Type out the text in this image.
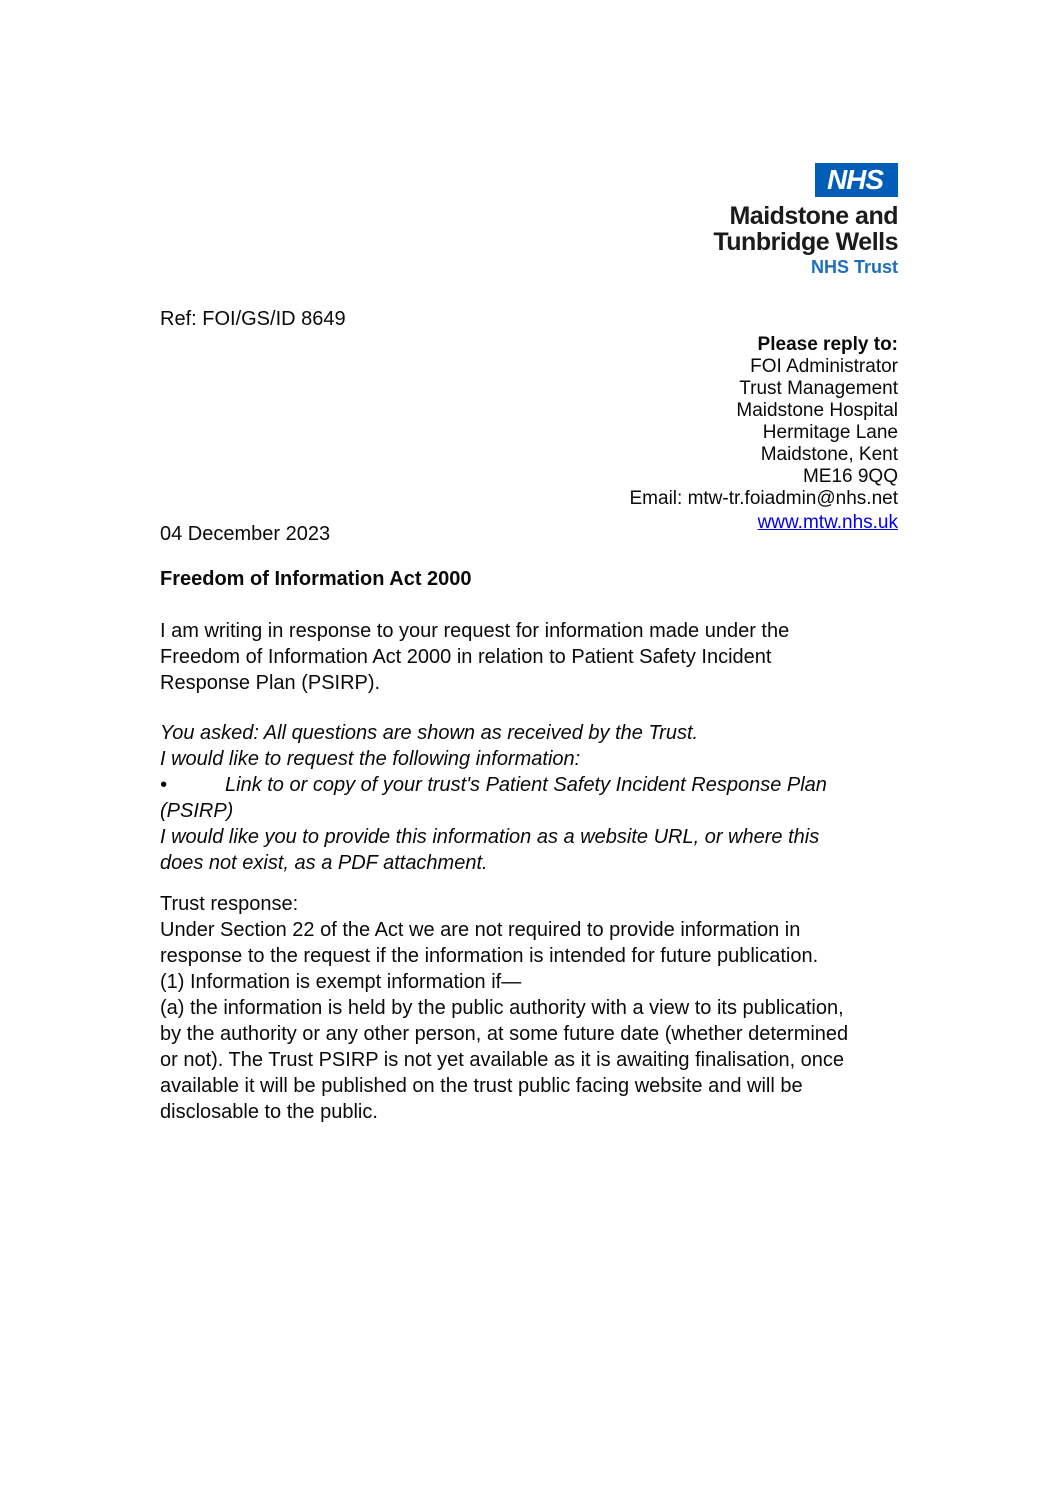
NHS
Maidstone and
Tunbridge Wells
NHS Trust
Ref: FOI/GS/ID 8649
Please reply to:
FOI Administrator
Trust Management
Maidstone Hospital
Hermitage Lane
Maidstone, Kent
ME16 9QQ
Email: mtw-tr.foiadmin@nhs.net
www.mtw.nhs.uk
04 December 2023
Freedom of Information Act 2000
I am writing in response to your request for information made under the
Freedom of Information Act 2000 in relation to Patient Safety Incident
Response Plan (PSIRP).
You asked: All questions are shown as received by the Trust.
I would like to request the following information:
•	Link to or copy of your trust's Patient Safety Incident Response Plan
(PSIRP)
I would like you to provide this information as a website URL, or where this
does not exist, as a PDF attachment.
Trust response:
Under Section 22 of the Act we are not required to provide information in
response to the request if the information is intended for future publication.
(1) Information is exempt information if—
(a) the information is held by the public authority with a view to its publication,
by the authority or any other person, at some future date (whether determined
or not). The Trust PSIRP is not yet available as it is awaiting finalisation, once
available it will be published on the trust public facing website and will be
disclosable to the public.
